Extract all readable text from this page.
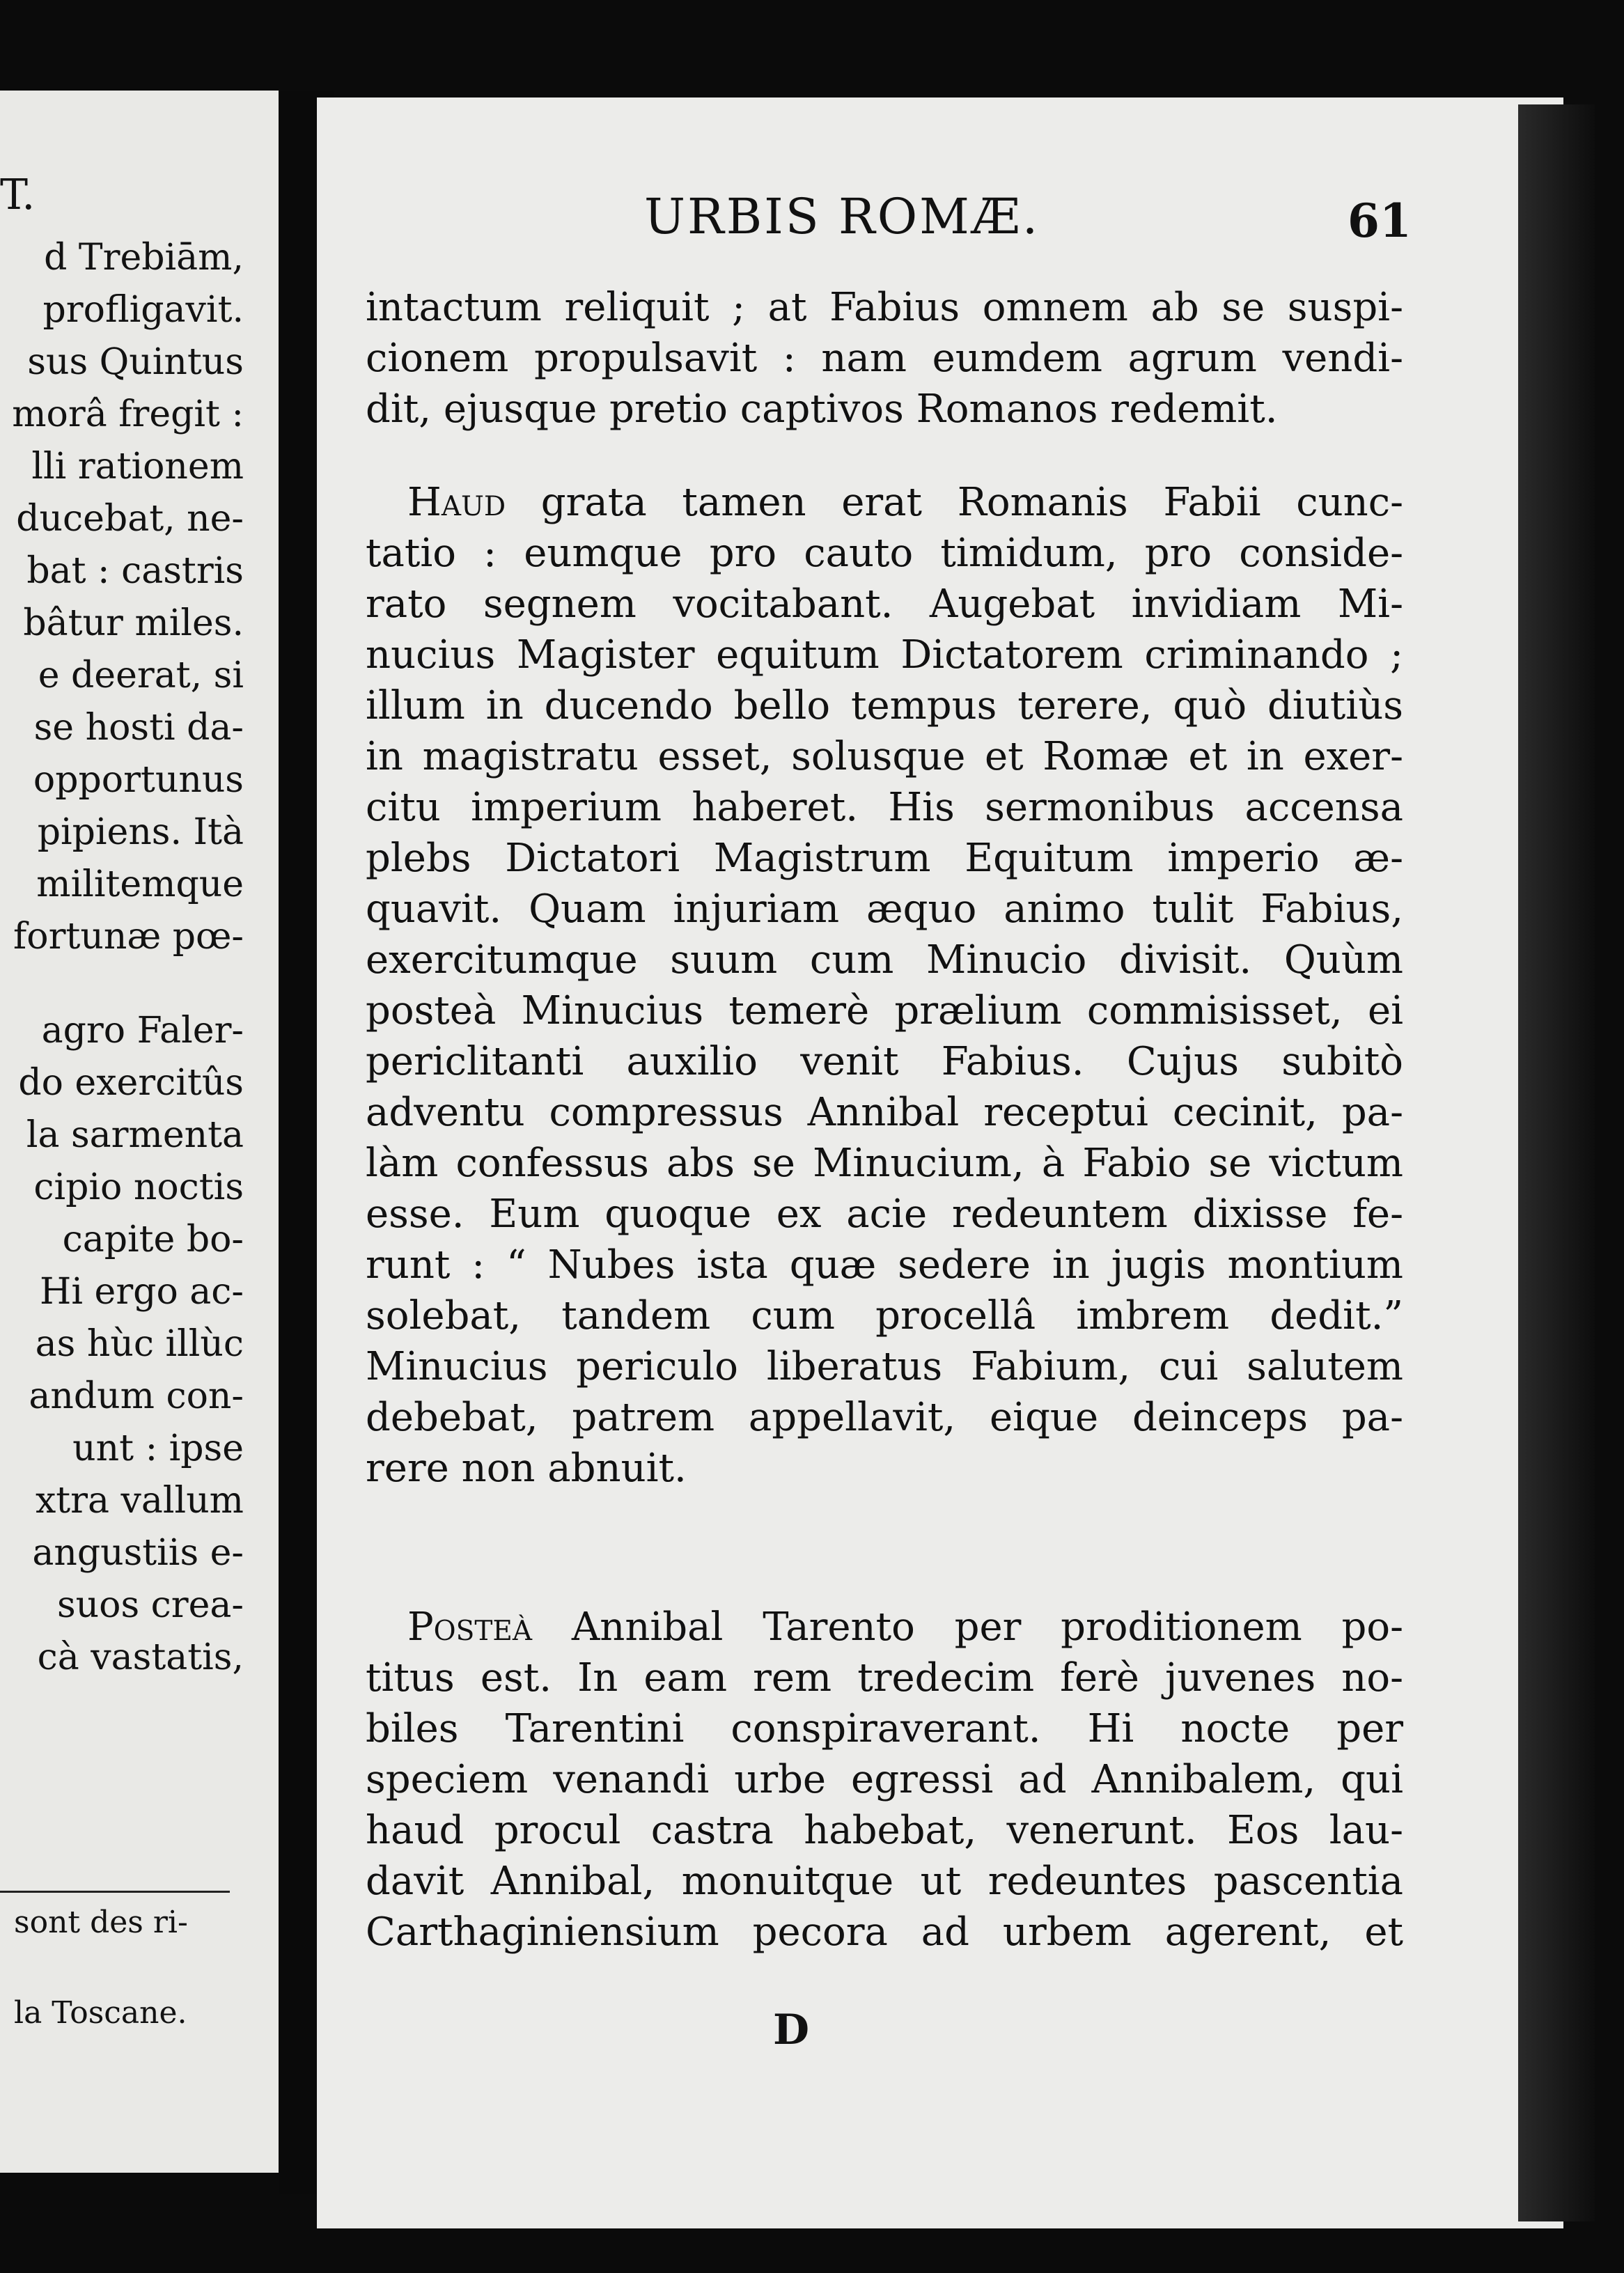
T.
d Trebiām,
profligavit.
sus Quintus
morâ fregit :
lli rationem
ducebat, ne-
bat : castris
bâtur miles.
e deerat, si
se hosti da-
opportunus
pipiens. Ità
militemque
fortunæ pœ-
agro Faler-
do exercitûs
la sarmenta
cipio noctis
capite bo-
Hi ergo ac-
as hùc illùc
andum con-
unt : ipse
xtra vallum
angustiis e-
suos crea-
cà vastatis,
sont des ri-
la Toscane.
URBIS ROMÆ.	61
intactum reliquit ; at Fabius omnem ab se suspi-
cionem propulsavit : nam eumdem agrum vendi-
dit, ejusque pretio captivos Romanos redemit.
Haud grata tamen erat Romanis Fabii cunc-
tatio : eumque pro cauto timidum, pro conside-
rato segnem vocitabant. Augebat invidiam Mi-
nucius Magister equitum Dictatorem criminando ;
illum in ducendo bello tempus terere, quò diutiùs
in magistratu esset, solusque et Romæ et in exer-
citu imperium haberet. His sermonibus accensa
plebs Dictatori Magistrum Equitum imperio æ-
quavit. Quam injuriam æquo animo tulit Fabius,
exercitumque suum cum Minucio divisit. Quùm
posteà Minucius temerè prælium commisisset, ei
periclitanti auxilio venit Fabius. Cujus subitò
adventu compressus Annibal receptui cecinit, pa-
làm confessus abs se Minucium, à Fabio se victum
esse. Eum quoque ex acie redeuntem dixisse fe-
runt : “ Nubes ista quæ sedere in jugis montium
solebat, tandem cum procellâ imbrem dedit.”
Minucius periculo liberatus Fabium, cui salutem
debebat, patrem appellavit, eique deinceps pa-
rere non abnuit.
Posteà Annibal Tarento per proditionem po-
titus est. In eam rem tredecim ferè juvenes no-
biles Tarentini conspiraverant. Hi nocte per
speciem venandi urbe egressi ad Annibalem, qui
haud procul castra habebat, venerunt. Eos lau-
davit Annibal, monuitque ut redeuntes pascentia
Carthaginiensium pecora ad urbem agerent, et
D
